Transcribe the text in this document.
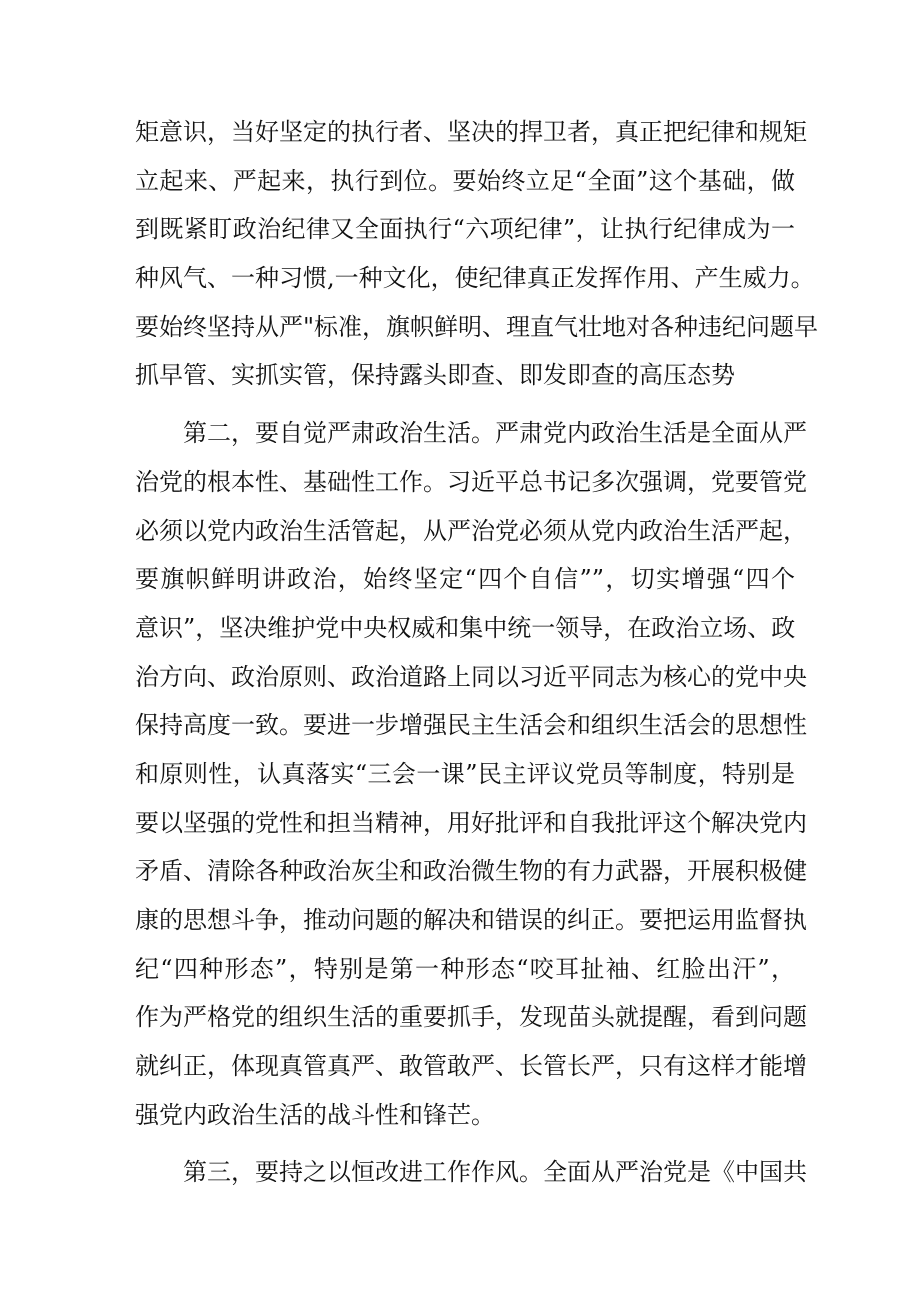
矩意识，当好坚定的执行者、坚决的捍卫者，真正把纪律和规矩
立起来、严起来，执行到位。要始终立足“全面”这个基础，做
到既紧盯政治纪律又全面执行“六项纪律”，让执行纪律成为一
种风气、一种习惯,一种文化，使纪律真正发挥作用、产生威力。
要始终坚持从严"标准，旗帜鲜明、理直气壮地对各种违纪问题早
抓早管、实抓实管，保持露头即查、即发即查的高压态势
第二，要自觉严肃政治生活。严肃党内政治生活是全面从严
治党的根本性、基础性工作。习近平总书记多次强调，党要管党
必须以党内政治生活管起，从严治党必须从党内政治生活严起，
要旗帜鲜明讲政治，始终坚定“四个自信””，切实增强“四个
意识”，坚决维护党中央权威和集中统一领导，在政治立场、政
治方向、政治原则、政治道路上同以习近平同志为核心的党中央
保持高度一致。要进一步增强民主生活会和组织生活会的思想性
和原则性，认真落实“三会一课”民主评议党员等制度，特别是
要以坚强的党性和担当精神，用好批评和自我批评这个解决党内
矛盾、清除各种政治灰尘和政治微生物的有力武器，开展积极健
康的思想斗争，推动问题的解决和错误的纠正。要把运用监督执
纪“四种形态”，特别是第一种形态“咬耳扯袖、红脸出汗”，
作为严格党的组织生活的重要抓手，发现苗头就提醒，看到问题
就纠正，体现真管真严、敢管敢严、长管长严，只有这样才能增
强党内政治生活的战斗性和锋芒。
第三，要持之以恒改进工作作风。全面从严治党是《中国共
